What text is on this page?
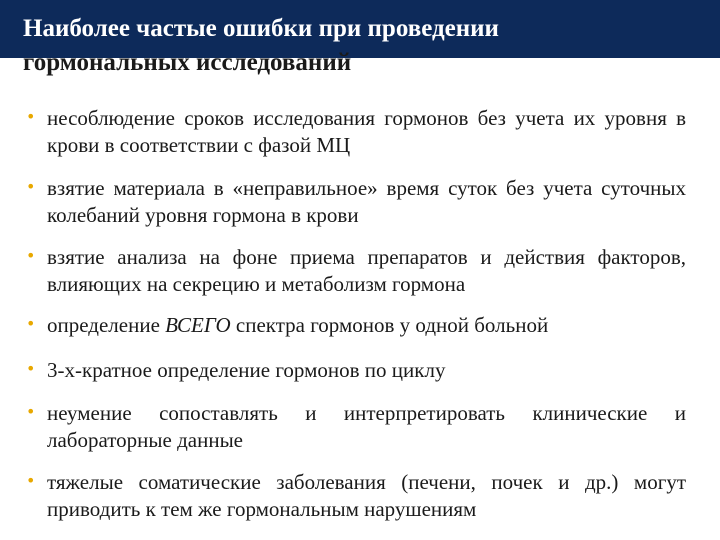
Наиболее частые ошибки при проведении
гормональных исследований
• несоблюдение сроков исследования гормонов без учета их уровня в крови в соответствии с фазой МЦ
• взятие материала в «неправильное» время суток без учета суточных колебаний уровня гормона в крови
• взятие анализа на фоне приема препаратов и действия факторов, влияющих на секрецию и метаболизм гормона
• определение ВСЕГО спектра гормонов у одной больной
• 3-х-кратное определение гормонов по циклу
• неумение сопоставлять и интерпретировать клинические и лабораторные данные
• тяжелые соматические заболевания (печени, почек и др.) могут приводить к тем же гормональным нарушениям
